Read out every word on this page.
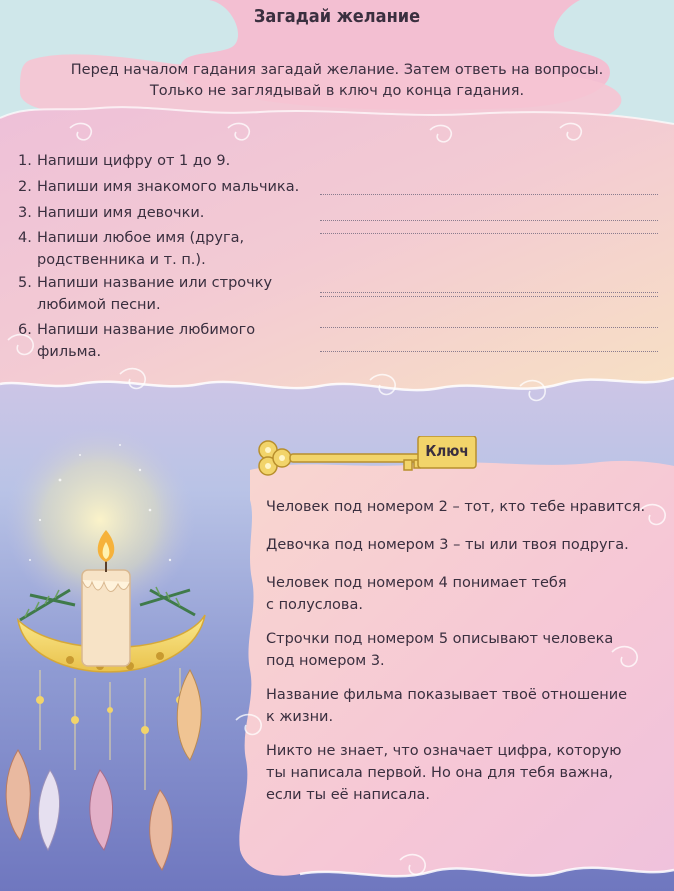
Загадай желание
Перед началом гадания загадай желание. Затем ответь на вопросы.
Только не заглядывай в ключ до конца гадания.
1. Напиши цифру от 1 до 9.
2. Напиши имя знакомого мальчика.
3. Напиши имя девочки.
4. Напиши любое имя (друга,
родственника и т. п.).
5. Напиши название или строчку
любимой песни.
6. Напиши название любимого
фильма.
Ключ
Человек под номером 2 – тот, кто тебе нравится.
Девочка под номером 3 – ты или твоя подруга.
Человек под номером 4 понимает тебя
с полуслова.
Строчки под номером 5 описывают человека
под номером 3.
Название фильма показывает твоё отношение
к жизни.
Никто не знает, что означает цифра, которую
ты написала первой. Но она для тебя важна,
если ты её написала.
